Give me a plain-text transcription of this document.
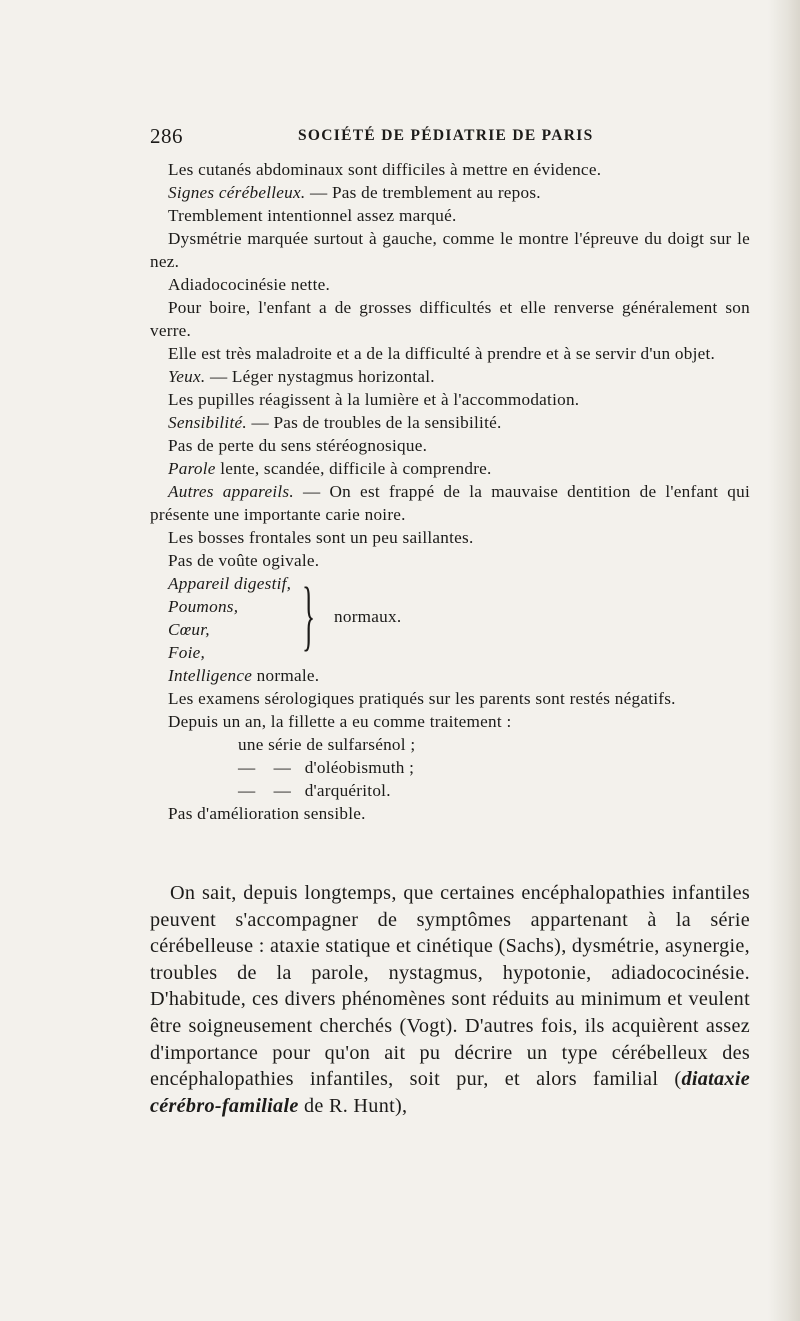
286	SOCIÉTÉ DE PÉDIATRIE DE PARIS

Les cutanés abdominaux sont difficiles à mettre en évidence.

Signes cérébelleux. — Pas de tremblement au repos.

Tremblement intentionnel assez marqué.

Dysmétrie marquée surtout à gauche, comme le montre l'épreuve du doigt sur le nez.

Adiadococinésie nette.

Pour boire, l'enfant a de grosses difficultés et elle renverse généralement son verre.

Elle est très maladroite et a de la difficulté à prendre et à se servir d'un objet.

Yeux. — Léger nystagmus horizontal.

Les pupilles réagissent à la lumière et à l'accommodation.

Sensibilité. — Pas de troubles de la sensibilité.

Pas de perte du sens stéréognosique.

Parole lente, scandée, difficile à comprendre.

Autres appareils. — On est frappé de la mauvaise dentition de l'enfant qui présente une importante carie noire.

Les bosses frontales sont un peu saillantes.

Pas de voûte ogivale.

Appareil digestif,

Poumons,

Cœur,

Foie,	} normaux.

Intelligence normale.

Les examens sérologiques pratiqués sur les parents sont restés négatifs.

Depuis un an, la fillette a eu comme traitement :

une série de sulfarsénol ;

—    —   d'oléobismuth ;

—    —   d'arquéritol.

Pas d'amélioration sensible.

On sait, depuis longtemps, que certaines encéphalopathies infantiles peuvent s'accompagner de symptômes appartenant à la série cérébelleuse : ataxie statique et cinétique (Sachs), dysmétrie, asynergie, troubles de la parole, nystagmus, hypotonie, adiadococinésie. D'habitude, ces divers phénomènes sont réduits au minimum et veulent être soigneusement cherchés (Vogt). D'autres fois, ils acquièrent assez d'importance pour qu'on ait pu décrire un type cérébelleux des encéphalopathies infantiles, soit pur, et alors familial (diataxie cérébro-familiale de R. Hunt),
